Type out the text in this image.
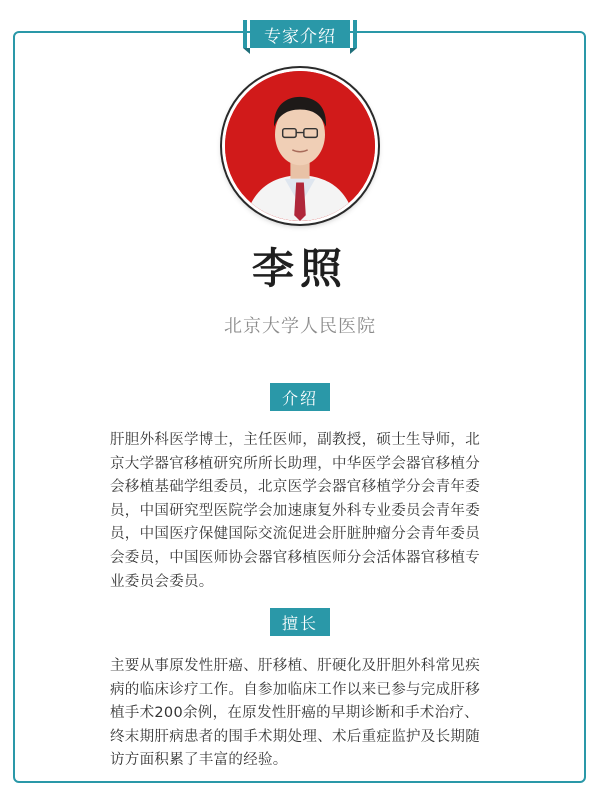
专家介绍
李照
北京大学人民医院
介绍

肝胆外科医学博士，主任医师，副教授，硕士生导师，北
京大学器官移植研究所所长助理，中华医学会器官移植分
会移植基础学组委员，北京医学会器官移植学分会青年委
员，中国研究型医院学会加速康复外科专业委员会青年委
员，中国医疗保健国际交流促进会肝脏肿瘤分会青年委员
会委员，中国医师协会器官移植医师分会活体器官移植专
业委员会委员。

擅长

主要从事原发性肝癌、肝移植、肝硬化及肝胆外科常见疾
病的临床诊疗工作。自参加临床工作以来已参与完成肝移
植手术200余例，在原发性肝癌的早期诊断和手术治疗、
终末期肝病患者的围手术期处理、术后重症监护及长期随
访方面积累了丰富的经验。
